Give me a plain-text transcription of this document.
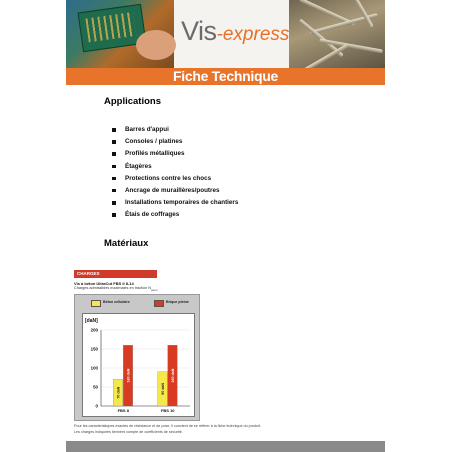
Vis-express
Fiche Technique
Applications
Barres d'appui
Consoles / platines
Profilés métalliques
Étagères
Protections contre les chocs
Ancrage de muraillères/poutres
Installations temporaires de chantiers
Étais de coffrages
Matériaux
CHARGES
Vis à béton UltraCut FBS II 8-14
Charges admissibles maximales en traction $N_{perm}$
Béton cellulaire	Brique pleine
[daN]
0
50
100
150
200
70 daN
160 daN
FBS 8
90 daN
160 daN
FBS 10
Pour les caractéristiques exactes de résistance et de pose, il convient de se référer à la fiche technique du produit.
Les charges indiquées tiennent compte de coefficients de sécurité.
